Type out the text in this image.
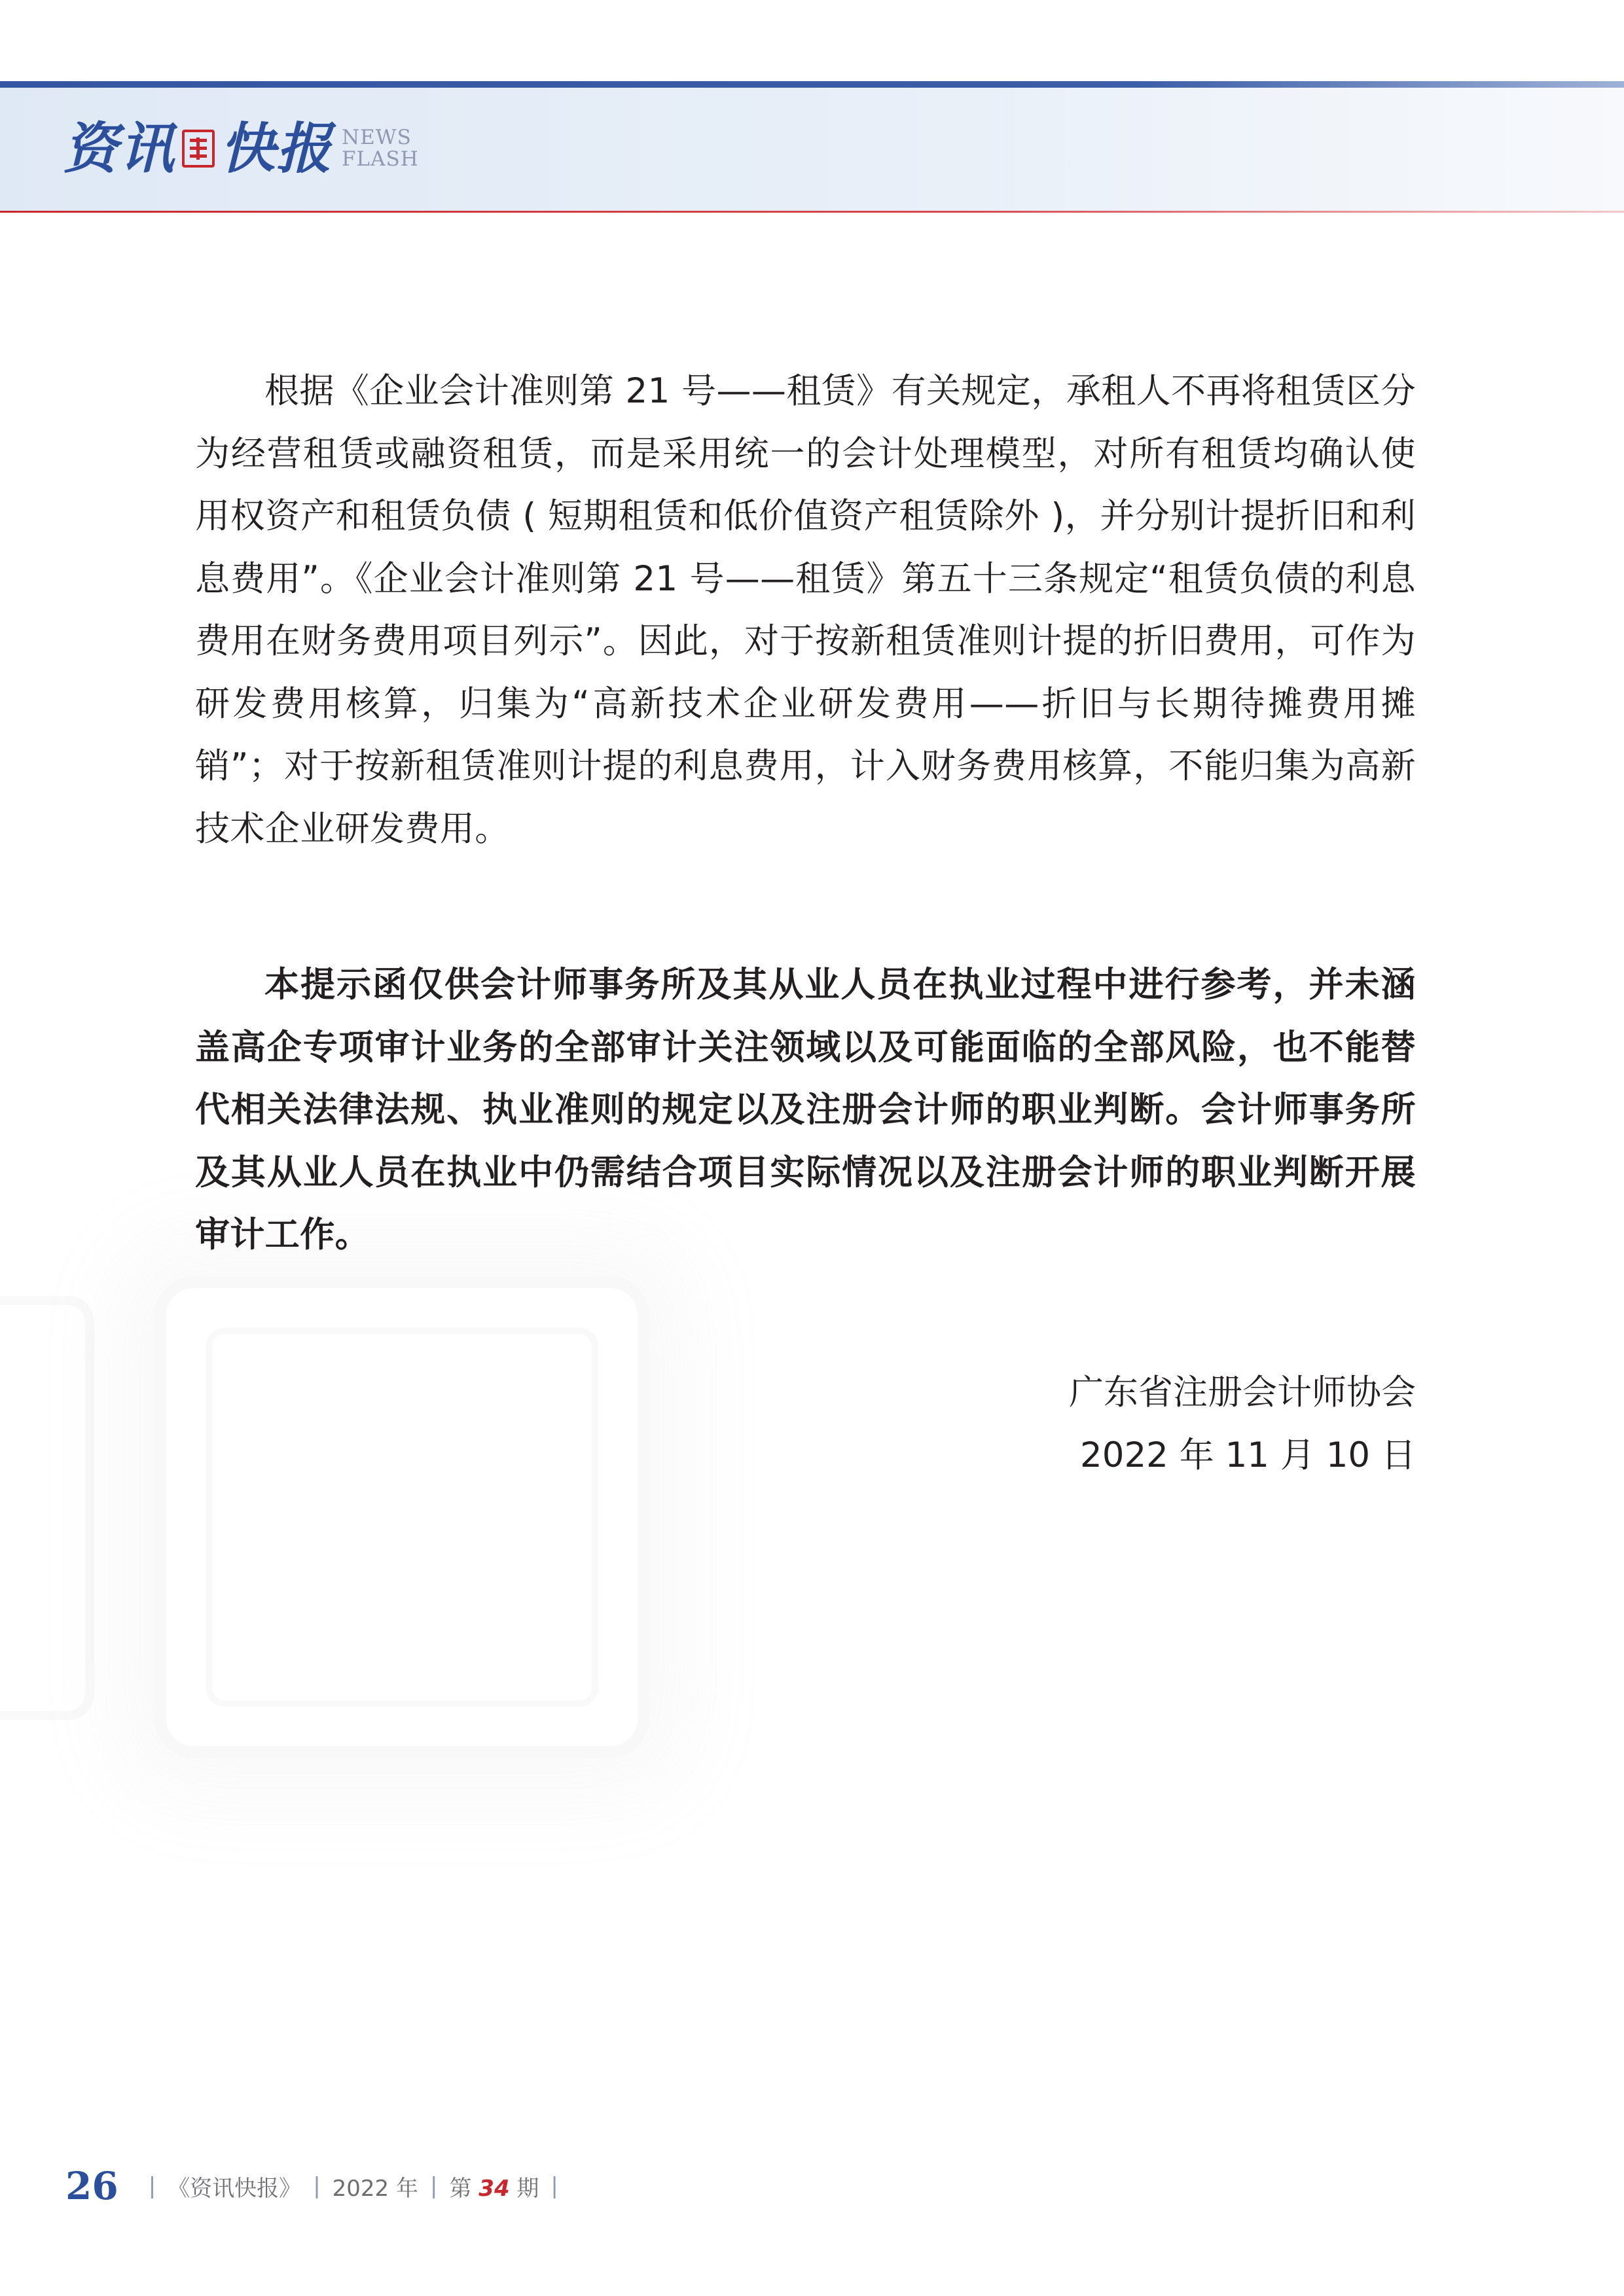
资讯 快报 NEWS
FLASH

根据《企业会计准则第 21 号——租赁》有关规定，承租人不再将租赁区分为经营租赁或融资租赁，而是采用统一的会计处理模型，对所有租赁均确认使用权资产和租赁负债 ( 短期租赁和低价值资产租赁除外 )，并分别计提折旧和利息费用”。《企业会计准则第 21 号——租赁》第五十三条规定“租赁负债的利息费用在财务费用项目列示”。因此，对于按新租赁准则计提的折旧费用，可作为研发费用核算，归集为“高新技术企业研发费用——折旧与长期待摊费用摊销”；对于按新租赁准则计提的利息费用，计入财务费用核算，不能归集为高新技术企业研发费用。

本提示函仅供会计师事务所及其从业人员在执业过程中进行参考，并未涵盖高企专项审计业务的全部审计关注领域以及可能面临的全部风险，也不能替代相关法律法规、执业准则的规定以及注册会计师的职业判断。会计师事务所及其从业人员在执业中仍需结合项目实际情况以及注册会计师的职业判断开展审计工作。

广东省注册会计师协会
2022 年 11 月 10 日
26 | 《资讯快报》 | 2022 年 | 第 34 期 |
